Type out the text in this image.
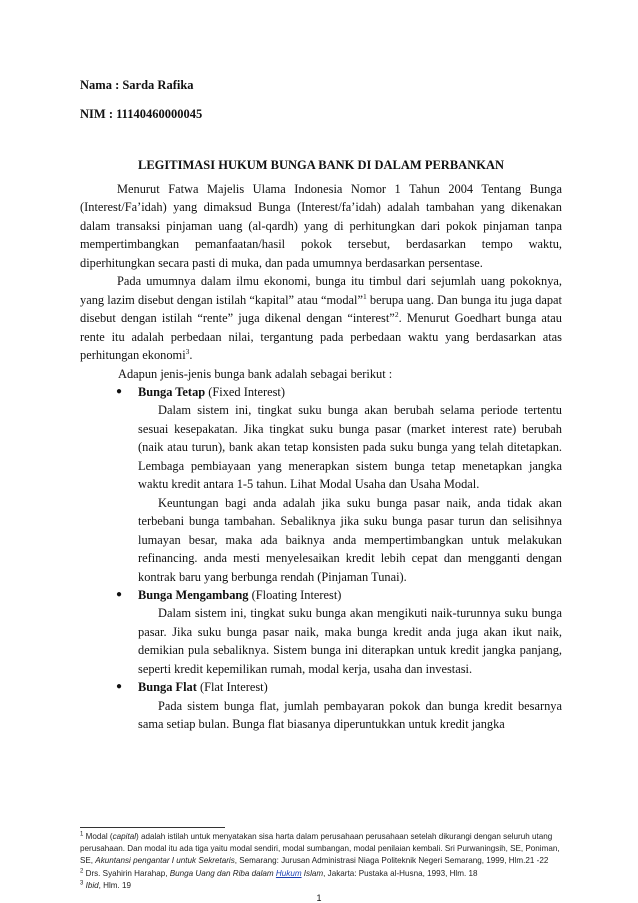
Nama : Sarda Rafika
NIM : 11140460000045
LEGITIMASI HUKUM BUNGA BANK DI DALAM PERBANKAN

Menurut Fatwa Majelis Ulama Indonesia Nomor 1 Tahun 2004 Tentang Bunga (Interest/Fa’idah) yang dimaksud Bunga (Interest/fa’idah) adalah tambahan yang dikenakan dalam transaksi pinjaman uang (al-qardh) yang di perhitungkan dari pokok pinjaman tanpa mempertimbangkan pemanfaatan/hasil pokok tersebut, berdasarkan tempo waktu, diperhitungkan secara pasti di muka, dan pada umumnya berdasarkan persentase.

Pada umumnya dalam ilmu ekonomi, bunga itu timbul dari sejumlah uang pokoknya, yang lazim disebut dengan istilah “kapital” atau “modal”$^1$ berupa uang. Dan bunga itu juga dapat disebut dengan istilah “rente” juga dikenal dengan “interest”$^2$. Menurut Goedhart bunga atau rente itu adalah perbedaan nilai, tergantung pada perbedaan waktu yang berdasarkan atas perhitungan ekonomi$^3$.

Adapun jenis-jenis bunga bank adalah sebagai berikut :

● Bunga Tetap (Fixed Interest)

Dalam sistem ini, tingkat suku bunga akan berubah selama periode tertentu sesuai kesepakatan. Jika tingkat suku bunga pasar (market interest rate) berubah (naik atau turun), bank akan tetap konsisten pada suku bunga yang telah ditetapkan. Lembaga pembiayaan yang menerapkan sistem bunga tetap menetapkan jangka waktu kredit antara 1-5 tahun. Lihat Modal Usaha dan Usaha Modal.

Keuntungan bagi anda adalah jika suku bunga pasar naik, anda tidak akan terbebani bunga tambahan. Sebaliknya jika suku bunga pasar turun dan selisihnya lumayan besar, maka ada baiknya anda mempertimbangkan untuk melakukan refinancing. anda mesti menyelesaikan kredit lebih cepat dan mengganti dengan kontrak baru yang berbunga rendah (Pinjaman Tunai).

● Bunga Mengambang (Floating Interest)

Dalam sistem ini, tingkat suku bunga akan mengikuti naik-turunnya suku bunga pasar. Jika suku bunga pasar naik, maka bunga kredit anda juga akan ikut naik, demikian pula sebaliknya. Sistem bunga ini diterapkan untuk kredit jangka panjang, seperti kredit kepemilikan rumah, modal kerja, usaha dan investasi.

● Bunga Flat (Flat Interest)

Pada sistem bunga flat, jumlah pembayaran pokok dan bunga kredit besarnya sama setiap bulan. Bunga flat biasanya diperuntukkan untuk kredit jangka

$^1$ Modal (capital) adalah istilah untuk menyatakan sisa harta dalam perusahaan perusahaan setelah dikurangi dengan seluruh utang perusahaan. Dan modal itu ada tiga yaitu modal sendiri, modal sumbangan, modal penilaian kembali. Sri Purwaningsih, SE, Poniman, SE, Akuntansi pengantar I untuk Sekretaris, Semarang: Jurusan Administrasi Niaga Politeknik Negeri Semarang, 1999, Hlm.21 -22

$^2$ Drs. Syahirin Harahap, Bunga Uang dan Riba dalam Hukum Islam, Jakarta: Pustaka al-Husna, 1993, Hlm. 18

$^3$ Ibid, Hlm. 19

1
